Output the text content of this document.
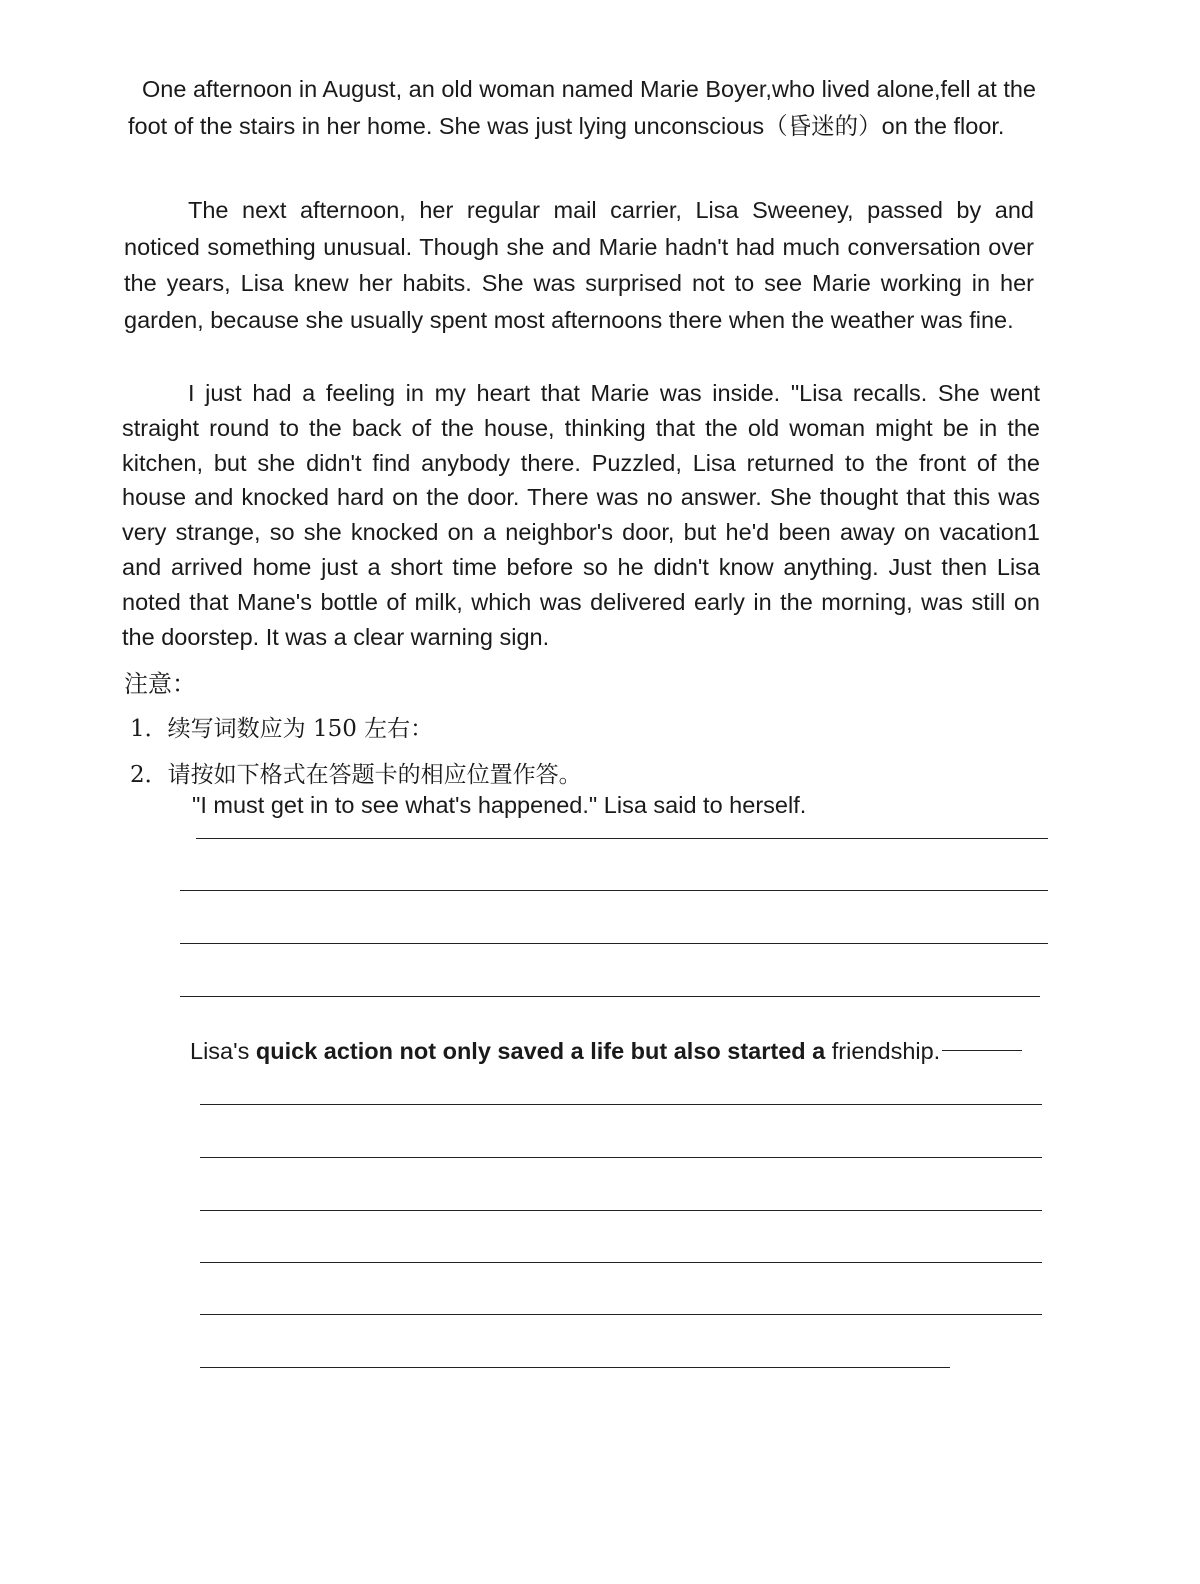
One afternoon in August, an old woman named Marie Boyer,who lived alone,fell at the foot of the stairs in her home. She was just lying unconscious（昏迷的）on the floor.
The next afternoon, her regular mail carrier, Lisa Sweeney, passed by and noticed something unusual. Though she and Marie hadn't had much conversation over the years, Lisa knew her habits. She was surprised not to see Marie working in her garden, because she usually spent most afternoons there when the weather was fine.
I just had a feeling in my heart that Marie was inside. "Lisa recalls. She went straight round to the back of the house, thinking that the old woman might be in the kitchen, but she didn't find anybody there. Puzzled, Lisa returned to the front of the house and knocked hard on the door. There was no answer. She thought that this was very strange, so she knocked on a neighbor's door, but he'd been away on vacation1 and arrived home just a short time before so he didn't know anything. Just then Lisa noted that Mane's bottle of milk, which was delivered early in the morning, was still on the doorstep. It was a clear warning sign.
注意：
1．续写词数应为 150 左右：
2．请按如下格式在答题卡的相应位置作答。
"I must get in to see what's happened." Lisa said to herself.
Lisa's quick action not only saved a life but also started a friendship.
